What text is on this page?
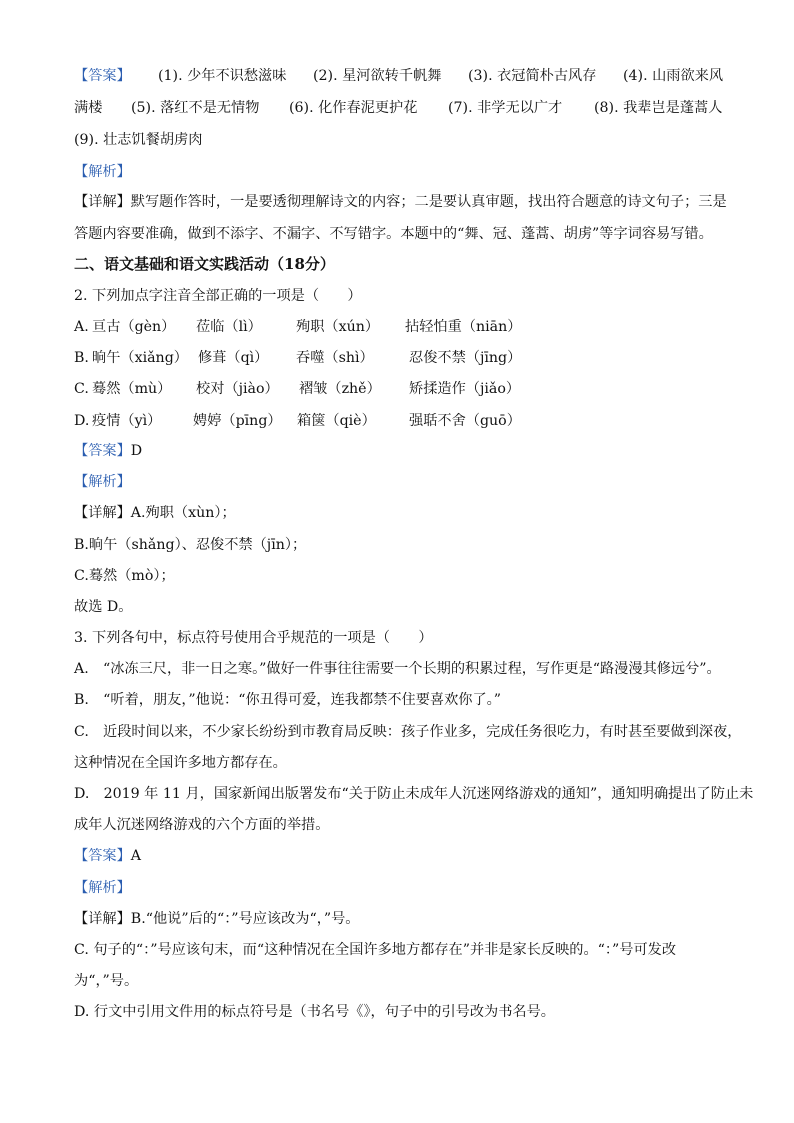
【答案】 (1). 少年不识愁滋味 (2). 星河欲转千帆舞 (3). 衣冠简朴古风存 (4). 山雨欲来风
满楼 (5). 落红不是无情物 (6). 化作春泥更护花 (7). 非学无以广才 (8). 我辈岂是蓬蒿人
(9). 壮志饥餐胡虏肉
【解析】
【详解】默写题作答时，一是要透彻理解诗文的内容；二是要认真审题，找出符合题意的诗文句子；三是
答题内容要准确，做到不添字、不漏字、不写错字。本题中的“舞、冠、蓬蒿、胡虏”等字词容易写错。
二、语文基础和语文实践活动（18分）
2. 下列加点字注音全部正确的一项是（　　）
A. 亘古（gèn） 莅临（lì） 殉职（xún） 拈轻怕重（niān）
B. 晌午（xiǎng） 修葺（qì） 吞噬（shì） 忍俊不禁（jīng）
C. 蓦然（mù） 校对（jiào） 褶皱（zhě） 矫揉造作（jiǎo）
D. 疫情（yì） 娉婷（pīng） 箱箧（qiè） 强聒不舍（guō）
【答案】D
【解析】
【详解】A.殉职（xùn）；
B.晌午（shǎng）、忍俊不禁（jīn）；
C.蓦然（mò）；
故选 D。
3. 下列各句中，标点符号使用合乎规范的一项是（　　）
A.　“冰冻三尺，非一日之寒。”做好一件事往往需要一个长期的积累过程，写作更是“路漫漫其修远兮”。
B.　“听着，朋友，”他说：“你丑得可爱，连我都禁不住要喜欢你了。”
C.　近段时间以来，不少家长纷纷到市教育局反映：孩子作业多，完成任务很吃力，有时甚至要做到深夜，
这种情况在全国许多地方都存在。
D.　2019 年 11 月，国家新闻出版署发布“关于防止未成年人沉迷网络游戏的通知”，通知明确提出了防止未
成年人沉迷网络游戏的六个方面的举措。
【答案】A
【解析】
【详解】B.“他说”后的“：”号应该改为“，”号。
C. 句子的“：”号应该句末，而“这种情况在全国许多地方都存在”并非是家长反映的。“：”号可发改
为“，”号。
D. 行文中引用文件用的标点符号是（书名号《》，句子中的引号改为书名号。
